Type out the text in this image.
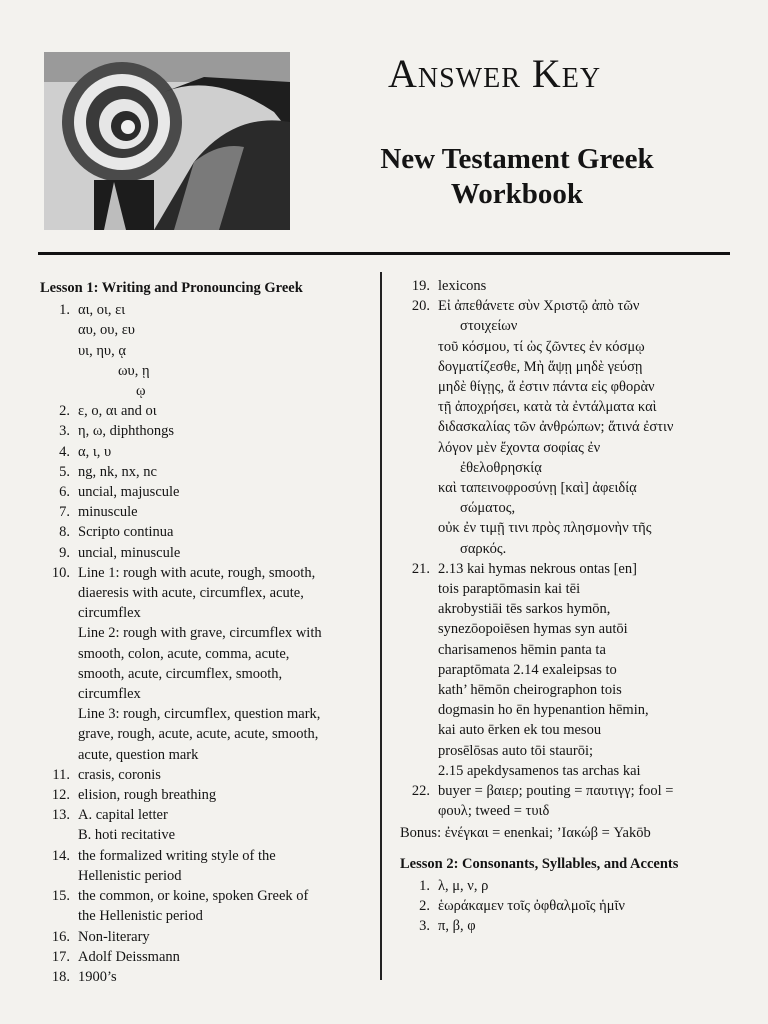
Answer Key
New Testament Greek
Workbook
Lesson 1: Writing and Pronouncing Greek
1. αι, οι, ει
αυ, ου, ευ
υι, ηυ, ᾳ
ωυ, ῃ
ῳ
2. ε, ο, αι and οι
3. η, ω, diphthongs
4. α, ι, υ
5. ng, nk, nx, nc
6. uncial, majuscule
7. minuscule
8. Scripto continua
9. uncial, minuscule
10. Line 1: rough with acute, rough, smooth,
diaeresis with acute, circumflex, acute,
circumflex
Line 2: rough with grave, circumflex with
smooth, colon, acute, comma, acute,
smooth, acute, circumflex, smooth,
circumflex
Line 3: rough, circumflex, question mark,
grave, rough, acute, acute, acute, smooth,
acute, question mark
11. crasis, coronis
12. elision, rough breathing
13. A. capital letter
B. hoti recitative
14. the formalized writing style of the
Hellenistic period
15. the common, or koine, spoken Greek of
the Hellenistic period
16. Non-literary
17. Adolf Deissmann
18. 1900’s
19. lexicons
20. Εἰ ἀπεθάνετε σὺν Χριστῷ ἀπὸ τῶν
στοιχείων
τοῦ κόσμου, τί ὡς ζῶντες ἐν κόσμῳ
δογματίζεσθε, Μὴ ἅψῃ μηδὲ γεύσῃ
μηδὲ θίγῃς, ἅ ἐστιν πάντα εἰς φθορὰν
τῇ ἀποχρήσει, κατὰ τὰ ἐντάλματα καὶ
διδασκαλίας τῶν ἀνθρώπων; ἅτινά ἐστιν
λόγον μὲν ἔχοντα σοφίας ἐν
ἐθελοθρησκίᾳ
καὶ ταπεινοφροσύνῃ [καὶ] ἀφειδίᾳ
σώματος,
οὐκ ἐν τιμῇ τινι πρὸς πλησμονὴν τῆς
σαρκός.
21. 2.13 kai hymas nekrous ontas [en]
tois paraptōmasin kai tēi
akrobystiāi tēs sarkos hymōn,
synezōopoiēsen hymas syn autōi
charisamenos hēmin panta ta
paraptōmata 2.14 exaleipsas to
kath’ hēmōn cheirographon tois
dogmasin ho ēn hypenantion hēmin,
kai auto ērken ek tou mesou
prosēlōsas auto tōi staurōi;
2.15 apekdysamenos tas archas kai
22. buyer = βαιερ; pouting = παυτιγγ; fool =
φουλ; tweed = τυιδ
Bonus: ἐνέγκαι = enenkai; ’Ιακώβ = Yakōb
Lesson 2: Consonants, Syllables, and Accents
1. λ, μ, ν, ρ
2. ἑωράκαμεν τοῖς ὀφθαλμοῖς ἡμῖν
3. π, β, φ
